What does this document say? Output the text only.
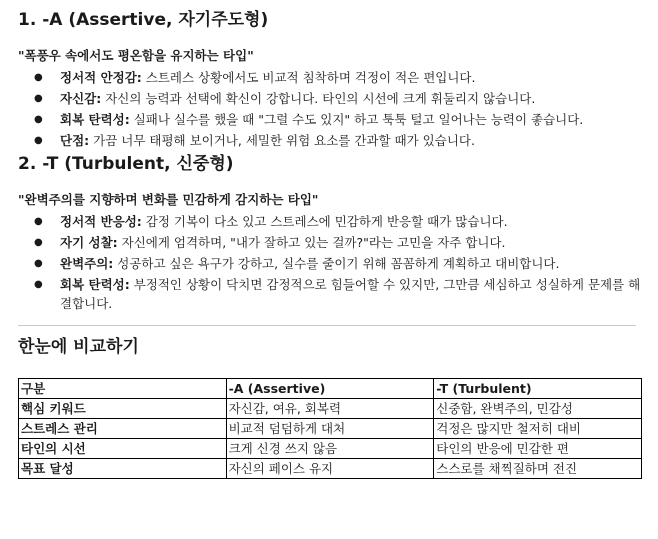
1. -A (Assertive, 자기주도형)
"폭풍우 속에서도 평온함을 유지하는 타입"
● 정서적 안정감: 스트레스 상황에서도 비교적 침착하며 걱정이 적은 편입니다.
● 자신감: 자신의 능력과 선택에 확신이 강합니다. 타인의 시선에 크게 휘둘리지 않습니다.
● 회복 탄력성: 실패나 실수를 했을 때 "그럴 수도 있지" 하고 툭툭 털고 일어나는 능력이 좋습니다.
● 단점: 가끔 너무 태평해 보이거나, 세밀한 위험 요소를 간과할 때가 있습니다.
2. -T (Turbulent, 신중형)
"완벽주의를 지향하며 변화를 민감하게 감지하는 타입"
● 정서적 반응성: 감정 기복이 다소 있고 스트레스에 민감하게 반응할 때가 많습니다.
● 자기 성찰: 자신에게 엄격하며, "내가 잘하고 있는 걸까?"라는 고민을 자주 합니다.
● 완벽주의: 성공하고 싶은 욕구가 강하고, 실수를 줄이기 위해 꼼꼼하게 계획하고 대비합니다.
● 회복 탄력성: 부정적인 상황이 닥치면 감정적으로 힘들어할 수 있지만, 그만큼 세심하고 성실하게 문제를 해결합니다.
한눈에 비교하기
구분	-A (Assertive)	-T (Turbulent)
핵심 키워드	자신감, 여유, 회복력	신중함, 완벽주의, 민감성
스트레스 관리	비교적 덤덤하게 대처	걱정은 많지만 철저히 대비
타인의 시선	크게 신경 쓰지 않음	타인의 반응에 민감한 편
목표 달성	자신의 페이스 유지	스스로를 채찍질하며 전진
